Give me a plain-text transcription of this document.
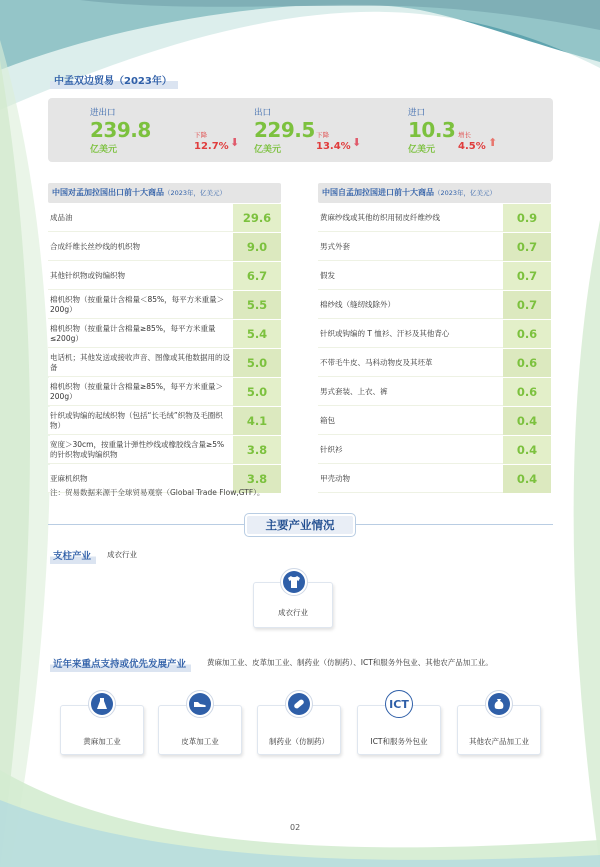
中孟双边贸易（2023年）
进出口
239.8
亿美元
下降
12.7% ⬇
出口
229.5
亿美元
下降
13.4% ⬇
进口
10.3
亿美元
增长
4.5% ⬆
中国对孟加拉国出口前十大商品（2023年，亿美元）
成品油	29.6
合成纤维长丝纱线的机织物	9.0
其他针织物或钩编织物	6.7
棉机织物（按重量计含棉量＜85%，每平方米重量＞200g）	5.5
棉机织物（按重量计含棉量≥85%，每平方米重量≤200g）	5.4
电话机；其他发送或接收声音、图像或其他数据用的设备	5.0
棉机织物（按重量计含棉量≥85%，每平方米重量＞200g）	5.0
针织或钩编的起绒织物（包括“长毛绒”织物及毛圈织物）	4.1
宽度＞30cm，按重量计弹性纱线或橡胶线含量≥5%的针织物或钩编织物	3.8
亚麻机织物	3.8
中国自孟加拉国进口前十大商品（2023年，亿美元）
黄麻纱线或其他纺织用韧皮纤维纱线	0.9
男式外套	0.7
假发	0.7
棉纱线（缝纫线除外）	0.7
针织或钩编的 T 恤衫、汗衫及其他背心	0.6
不带毛牛皮、马科动物皮及其坯革	0.6
男式套装、上衣、裤	0.6
箱包	0.4
针织衫	0.4
甲壳动物	0.4
注：贸易数据来源于全球贸易观察（Global Trade Flow,GTF）。
主要产业情况
支柱产业	成衣行业
成衣行业
近年来重点支持或优先发展产业	黄麻加工业、皮革加工业、制药业（仿制药）、ICT和服务外包业、其他农产品加工业。
黄麻加工业	皮革加工业	制药业（仿制药）	ICT和服务外包业
ICT
其他农产品加工业
02
